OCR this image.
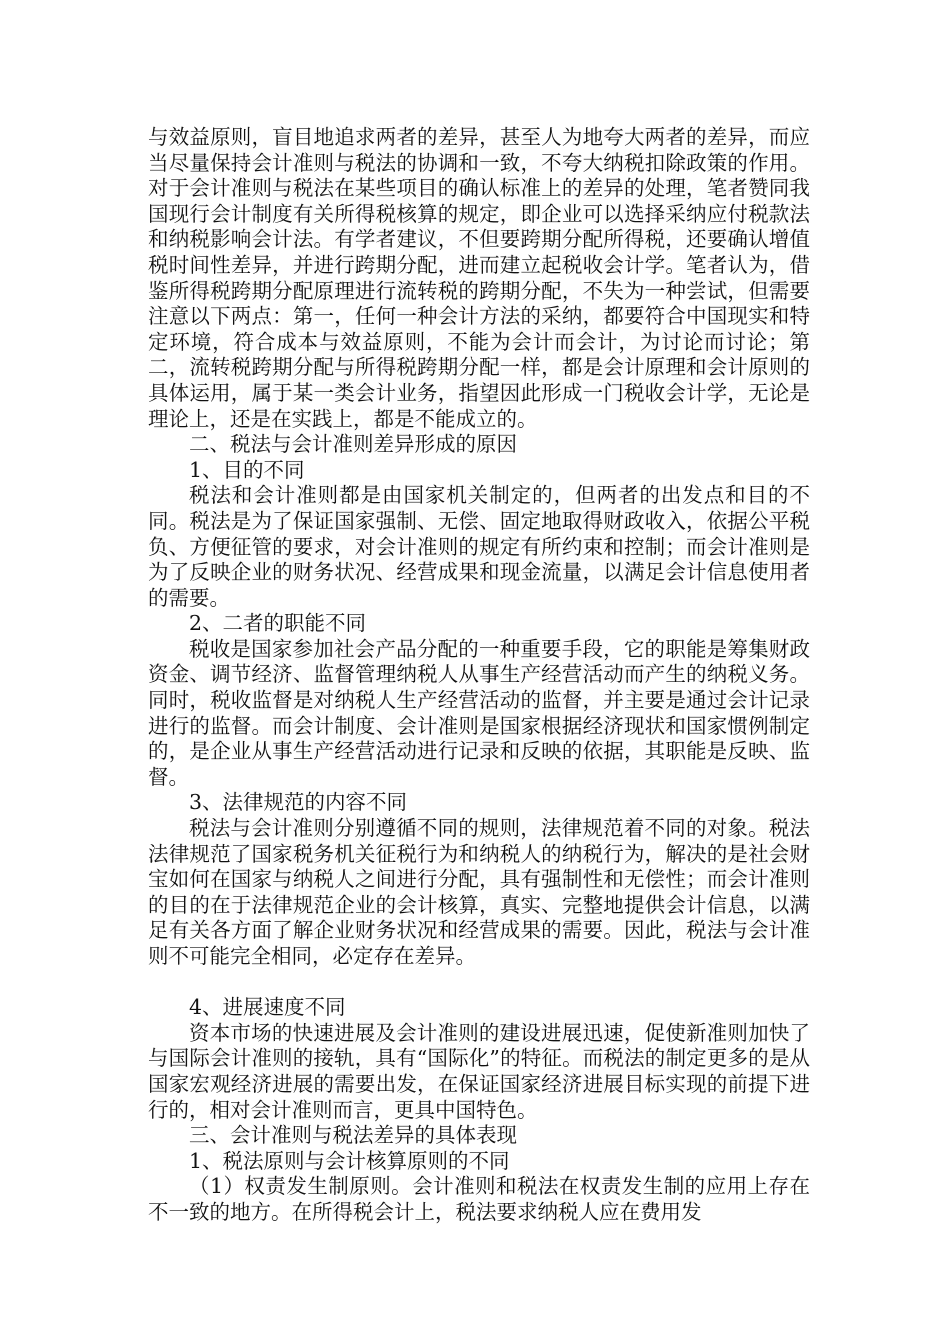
与效益原则，盲目地追求两者的差异，甚至人为地夸大两者的差异，而应当尽量保持会计准则与税法的协调和一致，不夸大纳税扣除政策的作用。对于会计准则与税法在某些项目的确认标准上的差异的处理，笔者赞同我国现行会计制度有关所得税核算的规定，即企业可以选择采纳应付税款法和纳税影响会计法。有学者建议，不但要跨期分配所得税，还要确认增值税时间性差异，并进行跨期分配，进而建立起税收会计学。笔者认为，借鉴所得税跨期分配原理进行流转税的跨期分配，不失为一种尝试，但需要注意以下两点：第一，任何一种会计方法的采纳，都要符合中国现实和特定环境，符合成本与效益原则，不能为会计而会计，为讨论而讨论；第二，流转税跨期分配与所得税跨期分配一样，都是会计原理和会计原则的具体运用，属于某一类会计业务，指望因此形成一门税收会计学，无论是理论上，还是在实践上，都是不能成立的。

二、税法与会计准则差异形成的原因

1、目的不同

税法和会计准则都是由国家机关制定的，但两者的出发点和目的不同。税法是为了保证国家强制、无偿、固定地取得财政收入，依据公平税负、方便征管的要求，对会计准则的规定有所约束和控制；而会计准则是为了反映企业的财务状况、经营成果和现金流量，以满足会计信息使用者的需要。

2、二者的职能不同

税收是国家参加社会产品分配的一种重要手段，它的职能是筹集财政资金、调节经济、监督管理纳税人从事生产经营活动而产生的纳税义务。同时，税收监督是对纳税人生产经营活动的监督，并主要是通过会计记录进行的监督。而会计制度、会计准则是国家根据经济现状和国家惯例制定的，是企业从事生产经营活动进行记录和反映的依据，其职能是反映、监督。

3、法律规范的内容不同

税法与会计准则分别遵循不同的规则，法律规范着不同的对象。税法法律规范了国家税务机关征税行为和纳税人的纳税行为，解决的是社会财宝如何在国家与纳税人之间进行分配，具有强制性和无偿性；而会计准则的目的在于法律规范企业的会计核算，真实、完整地提供会计信息，以满足有关各方面了解企业财务状况和经营成果的需要。因此，税法与会计准则不可能完全相同，必定存在差异。

4、进展速度不同

资本市场的快速进展及会计准则的建设进展迅速，促使新准则加快了与国际会计准则的接轨，具有“国际化”的特征。而税法的制定更多的是从国家宏观经济进展的需要出发，在保证国家经济进展目标实现的前提下进行的，相对会计准则而言，更具中国特色。

三、会计准则与税法差异的具体表现

1、税法原则与会计核算原则的不同

（1）权责发生制原则。会计准则和税法在权责发生制的应用上存在不一致的地方。在所得税会计上，税法要求纳税人应在费用发
